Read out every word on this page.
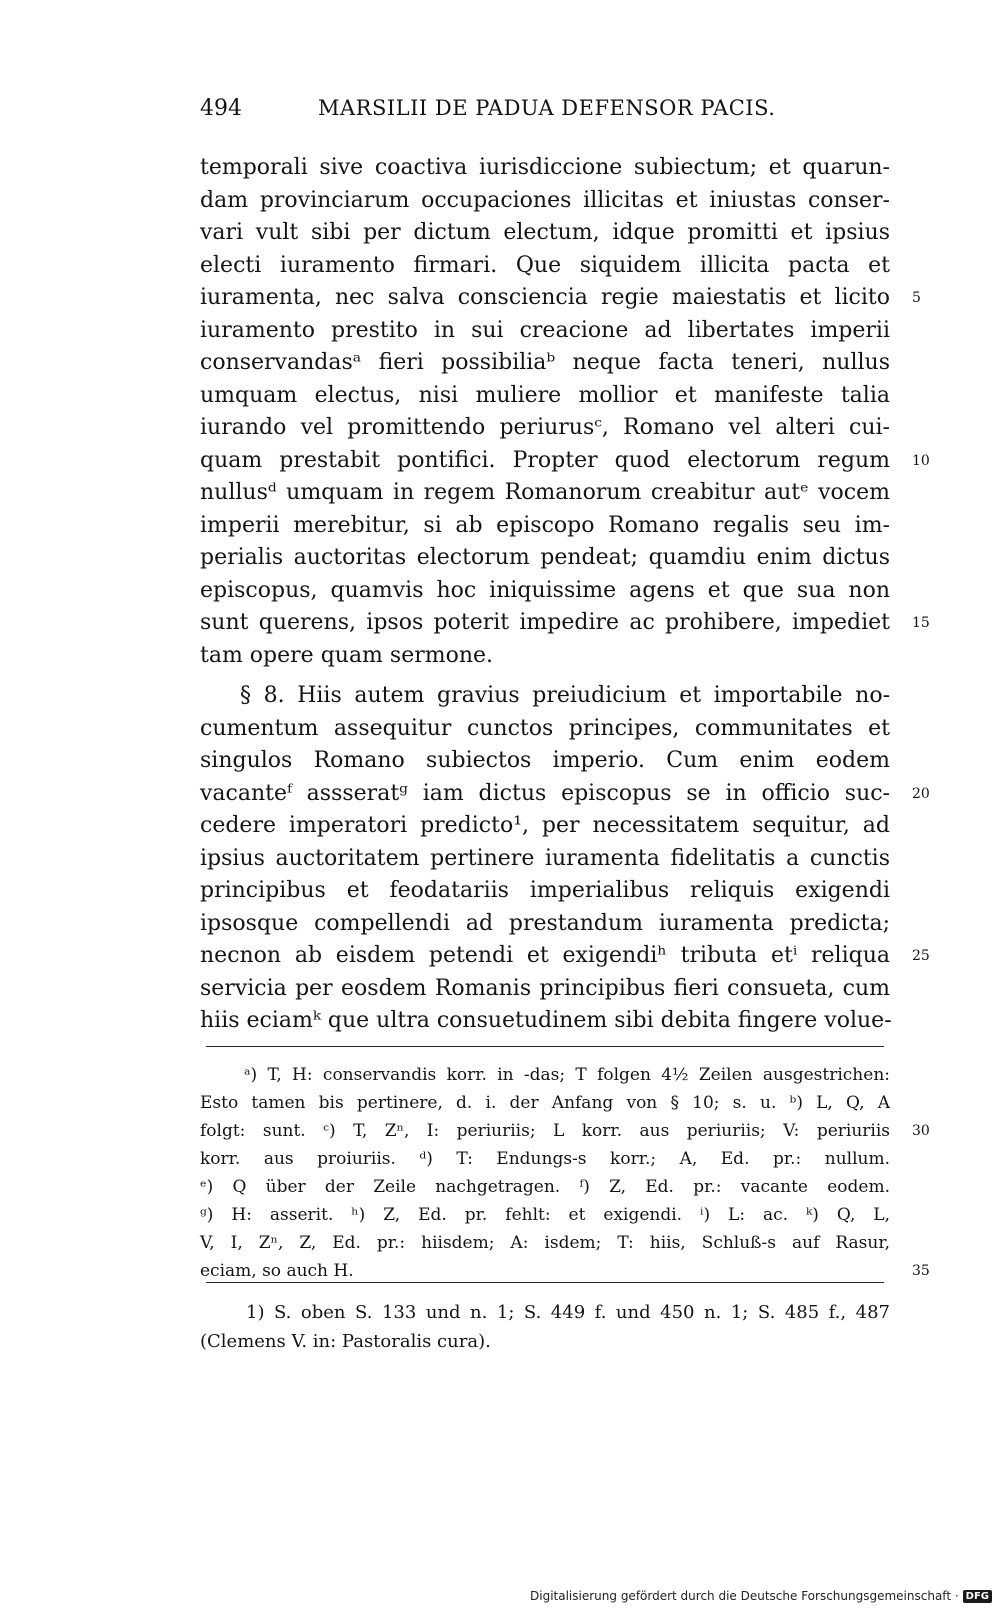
494	MARSILII DE PADUA DEFENSOR PACIS.
temporali sive coactiva iurisdiccione subiectum; et quarun-
dam provinciarum occupaciones illicitas et iniustas conser-
vari vult sibi per dictum electum, idque promitti et ipsius
electi iuramento firmari. Que siquidem illicita pacta et
iuramenta, nec salva consciencia regie maiestatis et licito 5
iuramento prestito in sui creacione ad libertates imperii
conservandasᵃ fieri possibiliaᵇ neque facta teneri, nullus
umquam electus, nisi muliere mollior et manifeste talia
iurando vel promittendo periurusᶜ, Romano vel alteri cui-
quam prestabit pontifici. Propter quod electorum regum 10
nullusᵈ umquam in regem Romanorum creabitur autᵉ vocem
imperii merebitur, si ab episcopo Romano regalis seu im-
perialis auctoritas electorum pendeat; quamdiu enim dictus
episcopus, quamvis hoc iniquissime agens et que sua non
sunt querens, ipsos poterit impedire ac prohibere, impediet 15
tam opere quam sermone.
§ 8. Hiis autem gravius preiudicium et importabile no-
cumentum assequitur cunctos principes, communitates et
singulos Romano subiectos imperio. Cum enim eodem
vacanteᶠ assseratᵍ iam dictus episcopus se in officio suc- 20
cedere imperatori predicto¹, per necessitatem sequitur, ad
ipsius auctoritatem pertinere iuramenta fidelitatis a cunctis
principibus et feodatariis imperialibus reliquis exigendi
ipsosque compellendi ad prestandum iuramenta predicta;
necnon ab eisdem petendi et exigendiʰ tributa etⁱ reliqua 25
servicia per eosdem Romanis principibus fieri consueta, cum
hiis eciamᵏ que ultra consuetudinem sibi debita fingere volue-
ᵃ) T, H: conservandis korr. in -das; T folgen 4½ Zeilen ausgestrichen:
Esto tamen bis pertinere, d. i. der Anfang von § 10; s. u. ᵇ) L, Q, A
folgt: sunt. ᶜ) T, Zⁿ, I: periuriis; L korr. aus periuriis; V: periuriis 30
korr. aus proiuriis. ᵈ) T: Endungs-s korr.; A, Ed. pr.: nullum.
ᵉ) Q über der Zeile nachgetragen. ᶠ) Z, Ed. pr.: vacante eodem.
ᵍ) H: asserit. ʰ) Z, Ed. pr. fehlt: et exigendi. ⁱ) L: ac. ᵏ) Q, L,
V, I, Zⁿ, Z, Ed. pr.: hiisdem; A: isdem; T: hiis, Schluß-s auf Rasur,
eciam, so auch H.	35
1) S. oben S. 133 und n. 1; S. 449 f. und 450 n. 1; S. 485 f., 487
(Clemens V. in: Pastoralis cura).
Digitalisierung gefördert durch die Deutsche Forschungsgemeinschaft · DFG
